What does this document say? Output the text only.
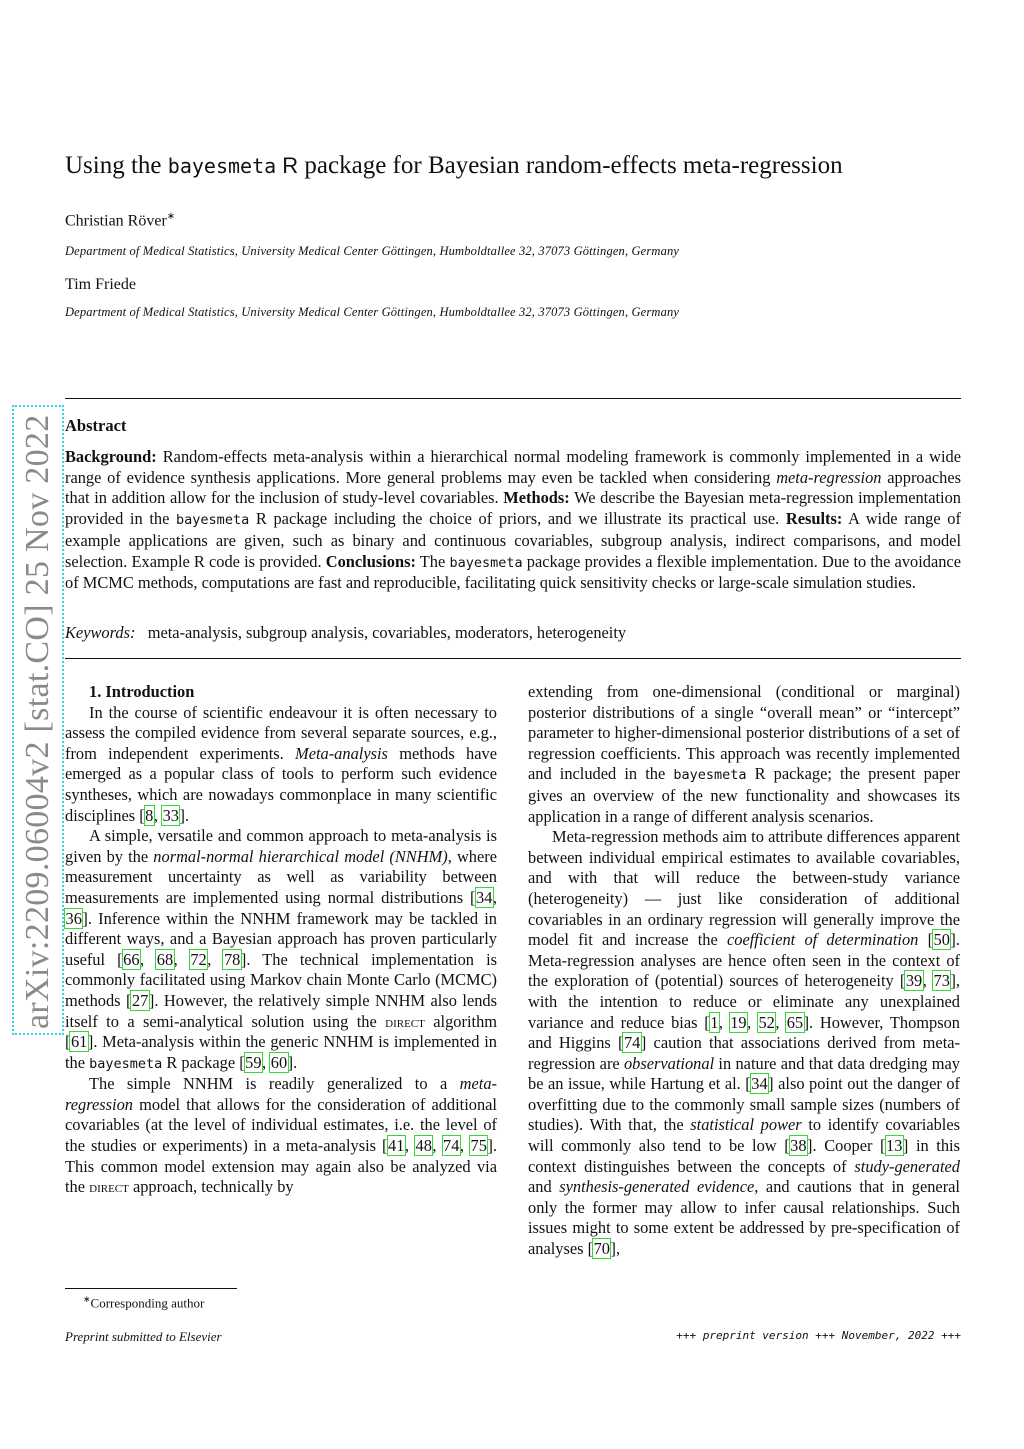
Using the bayesmeta R package for Bayesian random-effects meta-regression
Christian Röver∗
Department of Medical Statistics, University Medical Center Göttingen, Humboldtallee 32, 37073 Göttingen, Germany
Tim Friede
Department of Medical Statistics, University Medical Center Göttingen, Humboldtallee 32, 37073 Göttingen, Germany
arXiv:2209.06004v2 [stat.CO] 25 Nov 2022 Abstract
Background: Random-effects meta-analysis within a hierarchical normal modeling framework is commonly implemented in a wide range of evidence synthesis applications. More general problems may even be tackled when considering meta-regression approaches that in addition allow for the inclusion of study-level covariables. Methods: We describe the Bayesian meta-regression implementation provided in the bayesmeta R package including the choice of priors, and we illustrate its practical use. Results: A wide range of example applications are given, such as binary and continuous covariables, subgroup analysis, indirect comparisons, and model selection. Example R code is provided. Conclusions: The bayesmeta package provides a flexible implementation. Due to the avoidance of MCMC methods, computations are fast and reproducible, facilitating quick sensitivity checks or large-scale simulation studies.
Keywords: meta-analysis, subgroup analysis, covariables, moderators, heterogeneity

1. Introduction

In the course of scientific endeavour it is often necessary to assess the compiled evidence from several separate sources, e.g., from independent experiments. Meta-analysis methods have emerged as a popular class of tools to perform such evidence syntheses, which are nowadays commonplace in many scientific disciplines [8, 33].

A simple, versatile and common approach to meta-analysis is given by the normal-normal hierarchical model (NNHM), where measurement uncertainty as well as variability between measurements are implemented using normal distributions [34, 36]. Inference within the NNHM framework may be tackled in different ways, and a Bayesian approach has proven particularly useful [66, 68, 72, 78]. The technical implementation is commonly facilitated using Markov chain Monte Carlo (MCMC) methods [27]. However, the relatively simple NNHM also lends itself to a semi-analytical solution using the direct algorithm [61]. Meta-analysis within the generic NNHM is implemented in the bayesmeta R package [59, 60].

The simple NNHM is readily generalized to a meta-regression model that allows for the consideration of additional covariables (at the level of individual estimates, i.e. the level of the studies or experiments) in a meta-analysis [41, 48, 74, 75]. This common model extension may again also be analyzed via the direct approach, technically by

extending from one-dimensional (conditional or marginal) posterior distributions of a single “overall mean” or “intercept” parameter to higher-dimensional posterior distributions of a set of regression coefficients. This approach was recently implemented and included in the bayesmeta R package; the present paper gives an overview of the new functionality and showcases its application in a range of different analysis scenarios.

Meta-regression methods aim to attribute differences apparent between individual empirical estimates to available covariables, and with that will reduce the between-study variance (heterogeneity) — just like consideration of additional covariables in an ordinary regression will generally improve the model fit and increase the coefficient of determination [50]. Meta-regression analyses are hence often seen in the context of the exploration of (potential) sources of heterogeneity [39, 73], with the intention to reduce or eliminate any unexplained variance and reduce bias [1, 19, 52, 65]. However, Thompson and Higgins [74] caution that associations derived from meta-regression are observational in nature and that data dredging may be an issue, while Hartung et al. [34] also point out the danger of overfitting due to the commonly small sample sizes (numbers of studies). With that, the statistical power to identify covariables will commonly also tend to be low [38]. Cooper [13] in this context distinguishes between the concepts of study-generated and synthesis-generated evidence, and cautions that in general only the former may allow to infer causal relationships. Such issues might to some extent be addressed by pre-specification of analyses [70],

∗Corresponding author
Preprint submitted to Elsevier	+++ preprint version +++ November, 2022 +++
